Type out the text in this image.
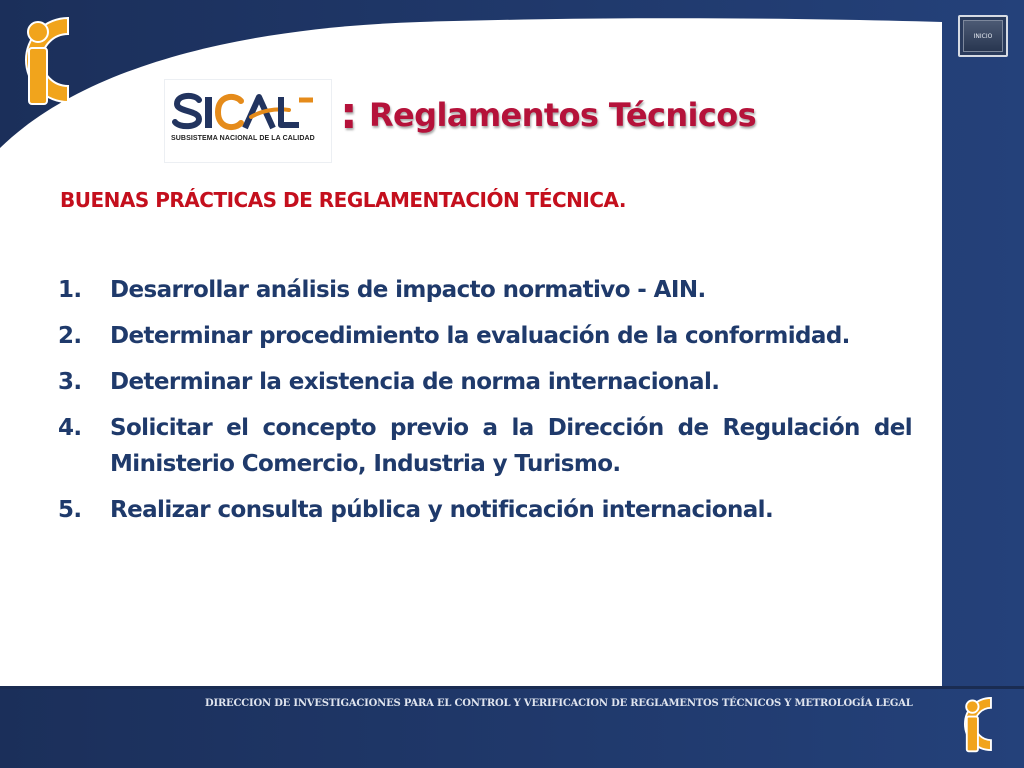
INICIO
SUBSISTEMA NACIONAL DE LA CALIDAD : Reglamentos Técnicos
BUENAS PRÁCTICAS DE REGLAMENTACIÓN TÉCNICA.
1. Desarrollar análisis de impacto normativo - AIN.
2. Determinar procedimiento la evaluación de la conformidad.
3. Determinar la existencia de norma internacional.
4. Solicitar el concepto previo a la Dirección de Regulación del Ministerio Comercio, Industria y Turismo.
5. Realizar consulta pública y notificación internacional.
DIRECCION DE INVESTIGACIONES PARA EL CONTROL Y VERIFICACION DE REGLAMENTOS TÉCNICOS Y METROLOGÍA LEGAL
